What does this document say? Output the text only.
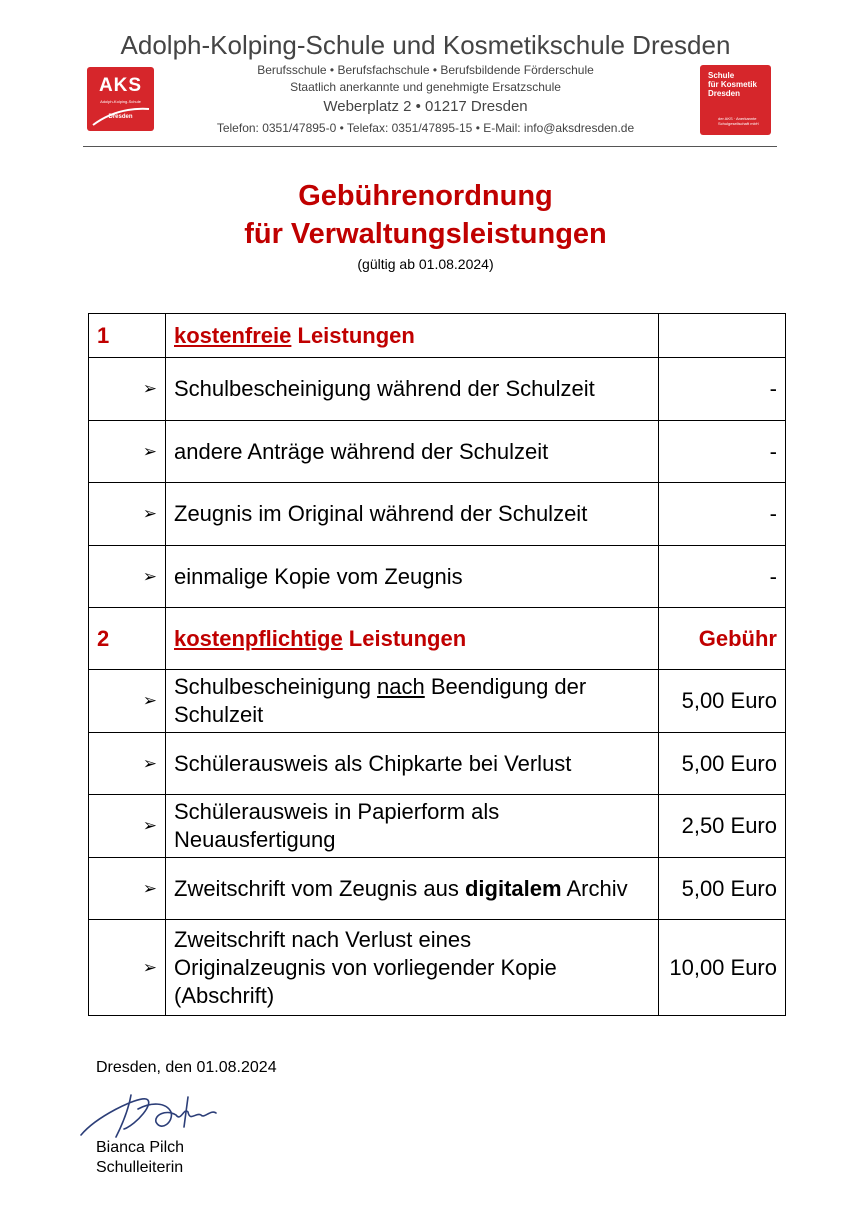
Adolph-Kolping-Schule und Kosmetikschule Dresden
AKS
Adolph-Kolping-Schule
Dresden
Berufsschule • Berufsfachschule • Berufsbildende Förderschule
Staatlich anerkannte und genehmigte Ersatzschule
Weberplatz 2 • 01217 Dresden
Telefon: 0351/47895-0 • Telefax: 0351/47895-15 • E-Mail: info@aksdresden.de
Schule
für Kosmetik
Dresden
der AKS · Anerkannte
Schulgesellschaft mbH
Gebührenordnung
für Verwaltungsleistungen
(gültig ab 01.08.2024)
1	kostenfreie Leistungen	

➢	Schulbescheinigung während der Schulzeit	-

➢	andere Anträge während der Schulzeit	-

➢	Zeugnis im Original während der Schulzeit	-

➢	einmalige Kopie vom Zeugnis	-
2	kostenpflichtige Leistungen	Gebühr

➢	Schulbescheinigung nach Beendigung der Schulzeit	5,00 Euro

➢	Schülerausweis als Chipkarte bei Verlust	5,00 Euro

➢	Schülerausweis in Papierform als Neuausfertigung	2,50 Euro

➢	Zweitschrift vom Zeugnis aus digitalem Archiv	5,00 Euro

➢	Zweitschrift nach Verlust eines Originalzeugnis von vorliegender Kopie (Abschrift)	10,00 Euro
Dresden, den 01.08.2024
Bianca Pilch
Schulleiterin
